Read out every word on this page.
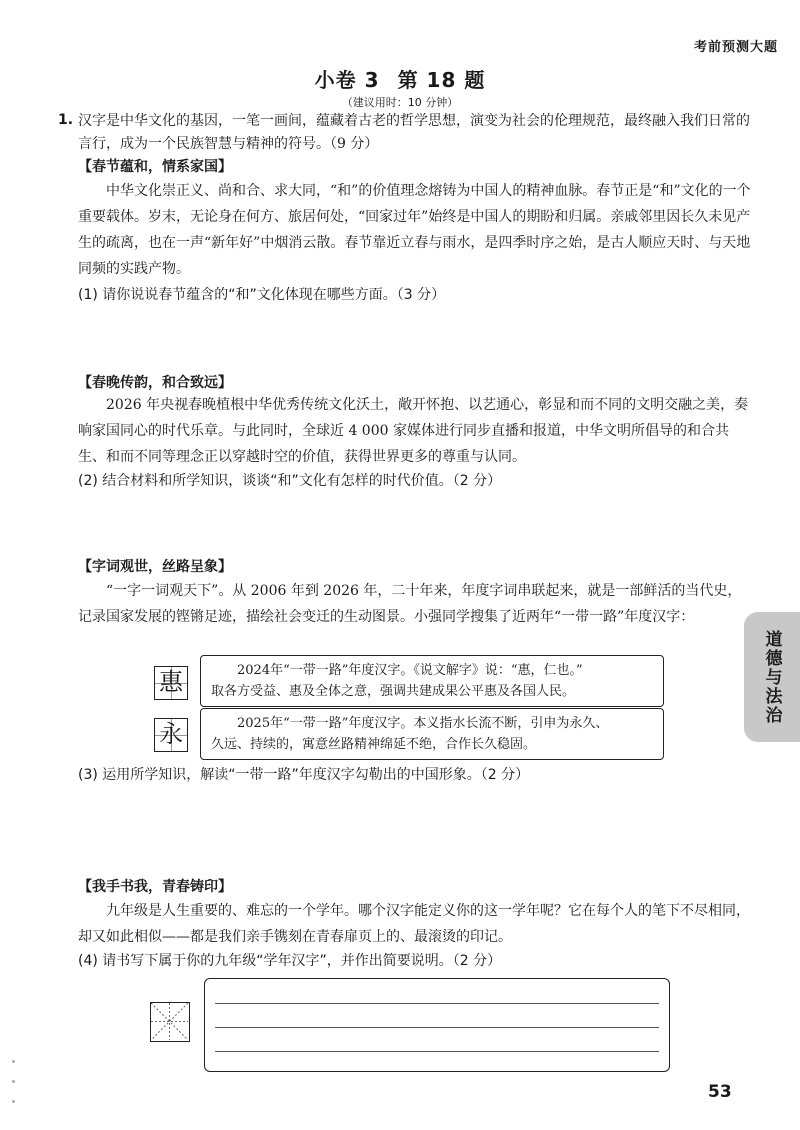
考前预测大题
小卷 3 第 18 题
（建议用时：10 分钟）
1. 汉字是中华文化的基因，一笔一画间，蕴藏着古老的哲学思想，演变为社会的伦理规范，最终融入我们日常的言行，成为一个民族智慧与精神的符号。（9 分）
【春节蕴和，情系家国】
中华文化崇正义、尚和合、求大同，“和”的价值理念熔铸为中国人的精神血脉。春节正是“和”文化的一个重要载体。岁末，无论身在何方、旅居何处，“回家过年”始终是中国人的期盼和归属。亲戚邻里因长久未见产生的疏离，也在一声“新年好”中烟消云散。春节靠近立春与雨水，是四季时序之始，是古人顺应天时、与天地同频的实践产物。
(1) 请你说说春节蕴含的“和”文化体现在哪些方面。（3 分）
【春晚传韵，和合致远】
2026 年央视春晚植根中华优秀传统文化沃土，敞开怀抱、以艺通心，彰显和而不同的文明交融之美，奏响家国同心的时代乐章。与此同时，全球近 4 000 家媒体进行同步直播和报道，中华文明所倡导的和合共生、和而不同等理念正以穿越时空的价值，获得世界更多的尊重与认同。
(2) 结合材料和所学知识，谈谈“和”文化有怎样的时代价值。（2 分）
【字词观世，丝路呈象】
“一字一词观天下”。从 2006 年到 2026 年，二十年来，年度字词串联起来，就是一部鲜活的当代史，记录国家发展的铿锵足迹，描绘社会变迁的生动图景。小强同学搜集了近两年“一带一路”年度汉字：
惠	2024年“一带一路”年度汉字。《说文解字》说：“惠，仁也。”
取各方受益、惠及全体之意，强调共建成果公平惠及各国人民。
永	2025年“一带一路”年度汉字。本义指水长流不断，引申为永久、
久远、持续的，寓意丝路精神绵延不绝，合作长久稳固。
(3) 运用所学知识，解读“一带一路”年度汉字勾勒出的中国形象。（2 分）
【我手书我，青春铸印】
九年级是人生重要的、难忘的一个学年。哪个汉字能定义你的这一学年呢？它在每个人的笔下不尽相同，却又如此相似——都是我们亲手镌刻在青春扉页上的、最滚烫的印记。
(4) 请书写下属于你的九年级“学年汉字”，并作出简要说明。（2 分）
道德与法治
53
